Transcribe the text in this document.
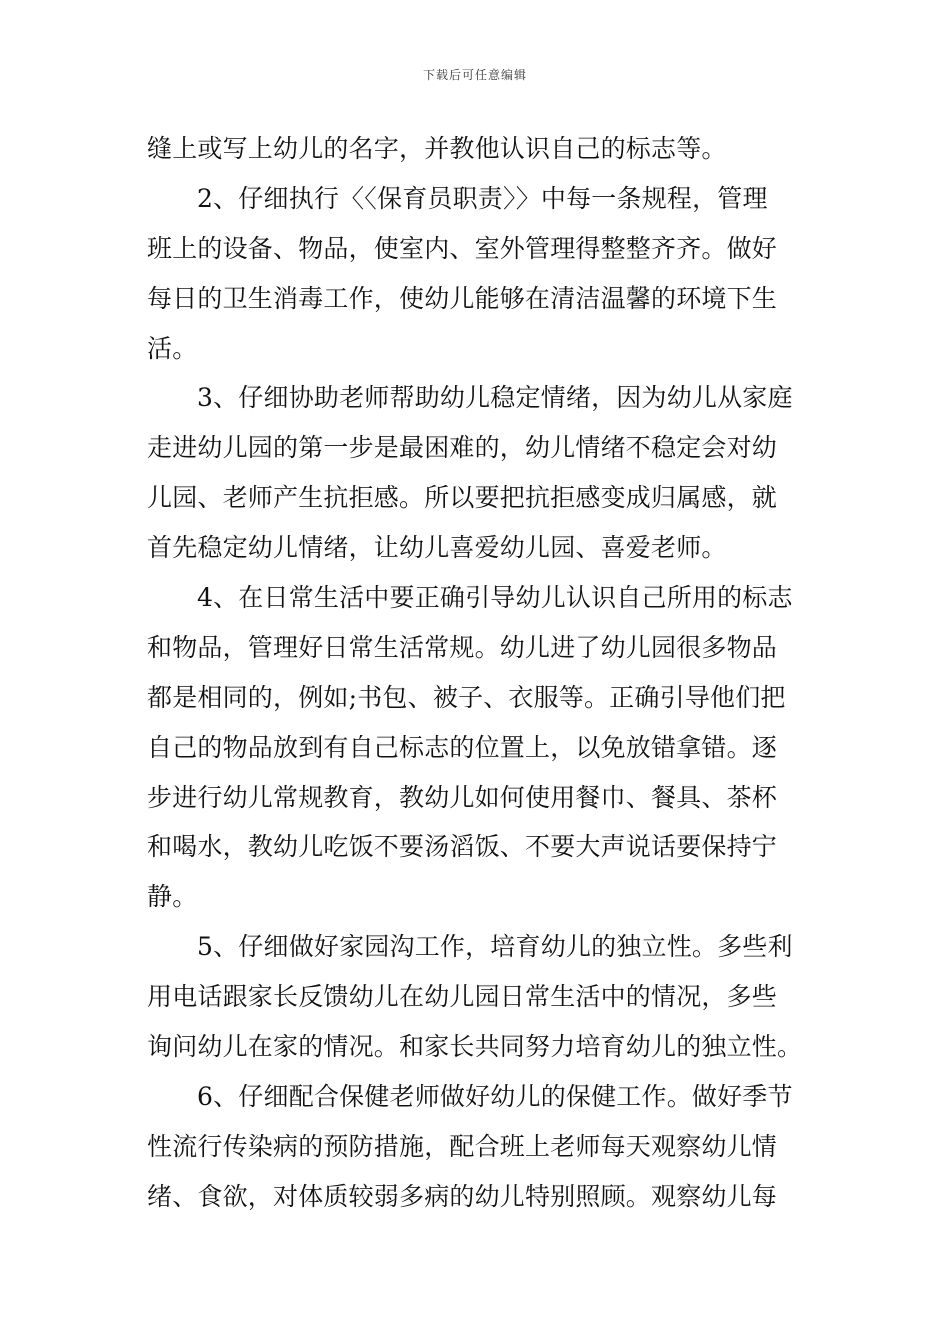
下载后可任意编辑
缝上或写上幼儿的名字，并教他认识自己的标志等。
2、仔细执行〈〈保育员职责〉〉中每一条规程，管理
班上的设备、物品，使室内、室外管理得整整齐齐。做好
每日的卫生消毒工作，使幼儿能够在清洁温馨的环境下生
活。
3、仔细协助老师帮助幼儿稳定情绪，因为幼儿从家庭
走进幼儿园的第一步是最困难的，幼儿情绪不稳定会对幼
儿园、老师产生抗拒感。所以要把抗拒感变成归属感，就
首先稳定幼儿情绪，让幼儿喜爱幼儿园、喜爱老师。
4、在日常生活中要正确引导幼儿认识自己所用的标志
和物品，管理好日常生活常规。幼儿进了幼儿园很多物品
都是相同的，例如;书包、被子、衣服等。正确引导他们把
自己的物品放到有自己标志的位置上，以免放错拿错。逐
步进行幼儿常规教育，教幼儿如何使用餐巾、餐具、茶杯
和喝水，教幼儿吃饭不要汤滔饭、不要大声说话要保持宁
静。
5、仔细做好家园沟工作，培育幼儿的独立性。多些利
用电话跟家长反馈幼儿在幼儿园日常生活中的情况，多些
询问幼儿在家的情况。和家长共同努力培育幼儿的独立性。
6、仔细配合保健老师做好幼儿的保健工作。做好季节
性流行传染病的预防措施，配合班上老师每天观察幼儿情
绪、食欲，对体质较弱多病的幼儿特别照顾。观察幼儿每
